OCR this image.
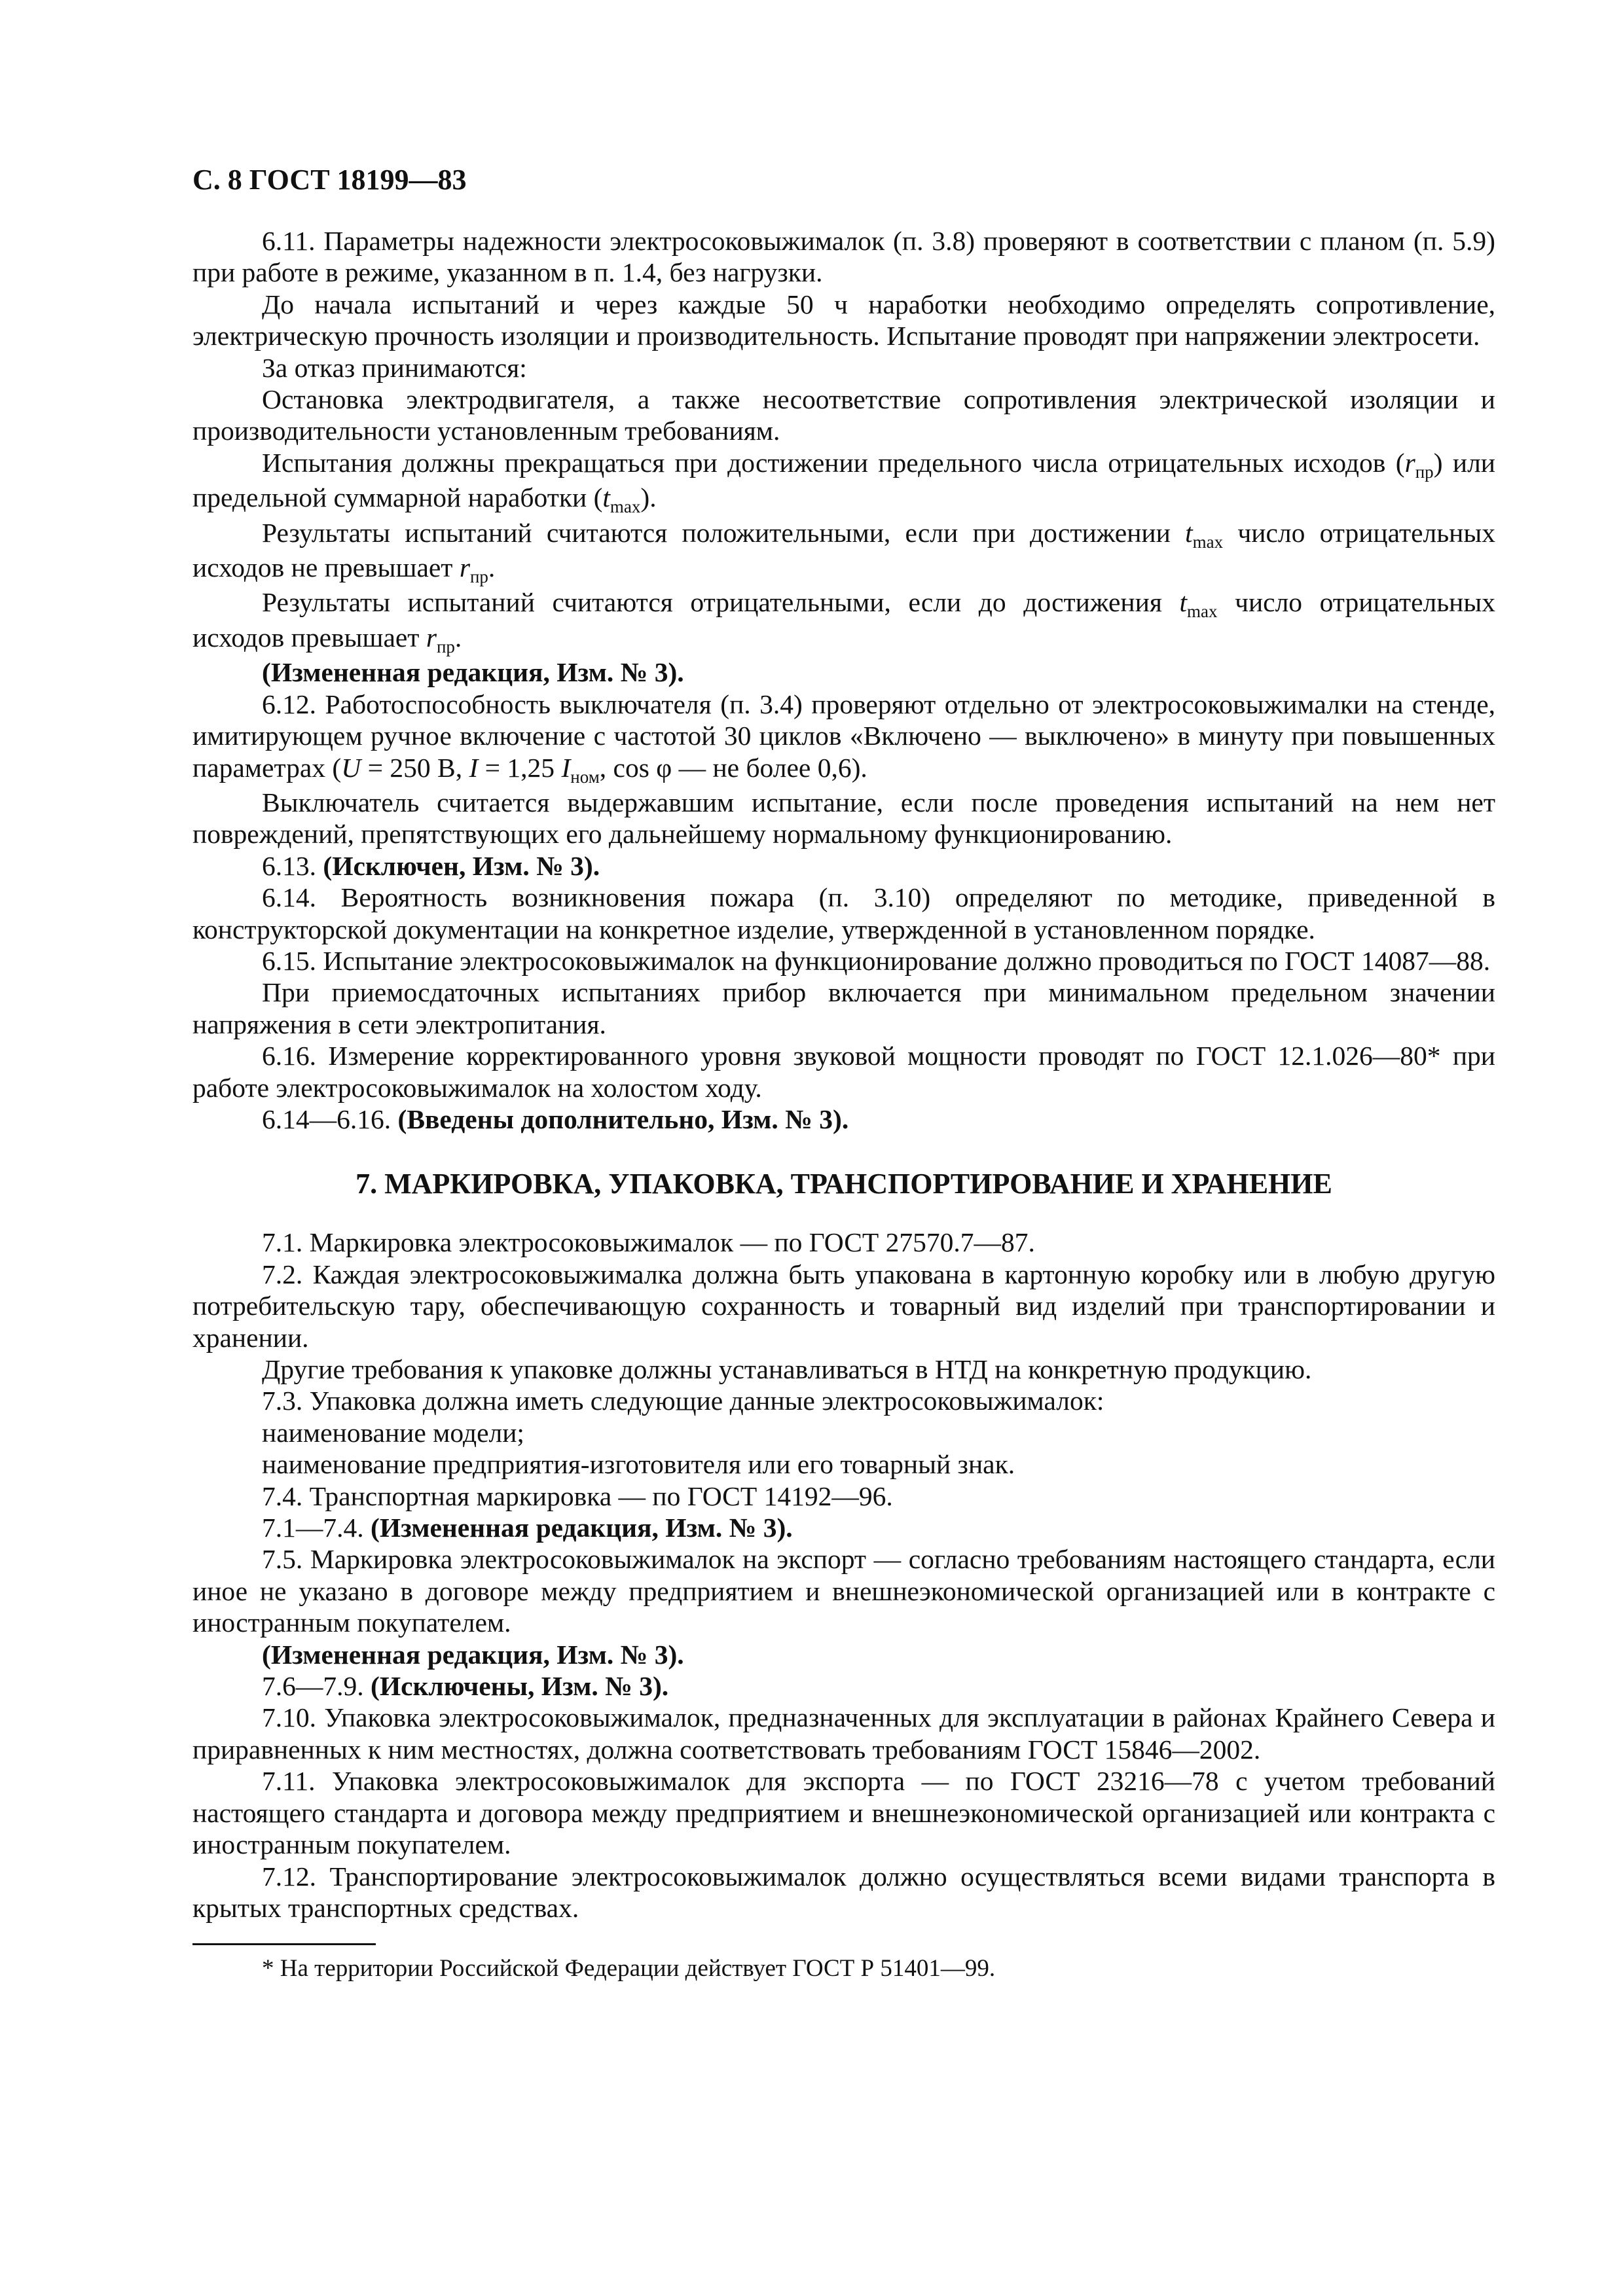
С. 8 ГОСТ 18199—83

6.11. Параметры надежности электросоковыжималок (п. 3.8) проверяют в соответствии с планом (п. 5.9) при работе в режиме, указанном в п. 1.4, без нагрузки.

До начала испытаний и через каждые 50 ч наработки необходимо определять сопротивление, электрическую прочность изоляции и производительность. Испытание проводят при напряжении электросети.

За отказ принимаются:

Остановка электродвигателя, а также несоответствие сопротивления электрической изоляции и производительности установленным требованиям.

Испытания должны прекращаться при достижении предельного числа отрицательных исходов $(r_{пр})$ или предельной суммарной наработки $(t_{max})$.

Результаты испытаний считаются положительными, если при достижении $t_{max}$ число отрицательных исходов не превышает $r_{пр}$.

Результаты испытаний считаются отрицательными, если до достижения $t_{max}$ число отрицательных исходов превышает $r_{пр}$.

(Измененная редакция, Изм. № 3).

6.12. Работоспособность выключателя (п. 3.4) проверяют отдельно от электросоковыжималки на стенде, имитирующем ручное включение с частотой 30 циклов «Включено — выключено» в минуту при повышенных параметрах (U = 250 В, I = 1,25 $I_{ном}$, cos φ — не более 0,6).

Выключатель считается выдержавшим испытание, если после проведения испытаний на нем нет повреждений, препятствующих его дальнейшему нормальному функционированию.

6.13. (Исключен, Изм. № 3).

6.14. Вероятность возникновения пожара (п. 3.10) определяют по методике, приведенной в конструкторской документации на конкретное изделие, утвержденной в установленном порядке.

6.15. Испытание электросоковыжималок на функционирование должно проводиться по ГОСТ 14087—88.

При приемосдаточных испытаниях прибор включается при минимальном предельном значении напряжения в сети электропитания.

6.16. Измерение корректированного уровня звуковой мощности проводят по ГОСТ 12.1.026—80* при работе электросоковыжималок на холостом ходу.

6.14—6.16. (Введены дополнительно, Изм. № 3).

7. МАРКИРОВКА, УПАКОВКА, ТРАНСПОРТИРОВАНИЕ И ХРАНЕНИЕ

7.1. Маркировка электросоковыжималок — по ГОСТ 27570.7—87.

7.2. Каждая электросоковыжималка должна быть упакована в картонную коробку или в любую другую потребительскую тару, обеспечивающую сохранность и товарный вид изделий при транспортировании и хранении.

Другие требования к упаковке должны устанавливаться в НТД на конкретную продукцию.

7.3. Упаковка должна иметь следующие данные электросоковыжималок:

наименование модели;

наименование предприятия-изготовителя или его товарный знак.

7.4. Транспортная маркировка — по ГОСТ 14192—96.

7.1—7.4. (Измененная редакция, Изм. № 3).

7.5. Маркировка электросоковыжималок на экспорт — согласно требованиям настоящего стандарта, если иное не указано в договоре между предприятием и внешнеэкономической организацией или в контракте с иностранным покупателем.

(Измененная редакция, Изм. № 3).

7.6—7.9. (Исключены, Изм. № 3).

7.10. Упаковка электросоковыжималок, предназначенных для эксплуатации в районах Крайнего Севера и приравненных к ним местностях, должна соответствовать требованиям ГОСТ 15846—2002.

7.11. Упаковка электросоковыжималок для экспорта — по ГОСТ 23216—78 с учетом требований настоящего стандарта и договора между предприятием и внешнеэкономической организацией или контракта с иностранным покупателем.

7.12. Транспортирование электросоковыжималок должно осуществляться всеми видами транспорта в крытых транспортных средствах.

* На территории Российской Федерации действует ГОСТ Р 51401—99.
